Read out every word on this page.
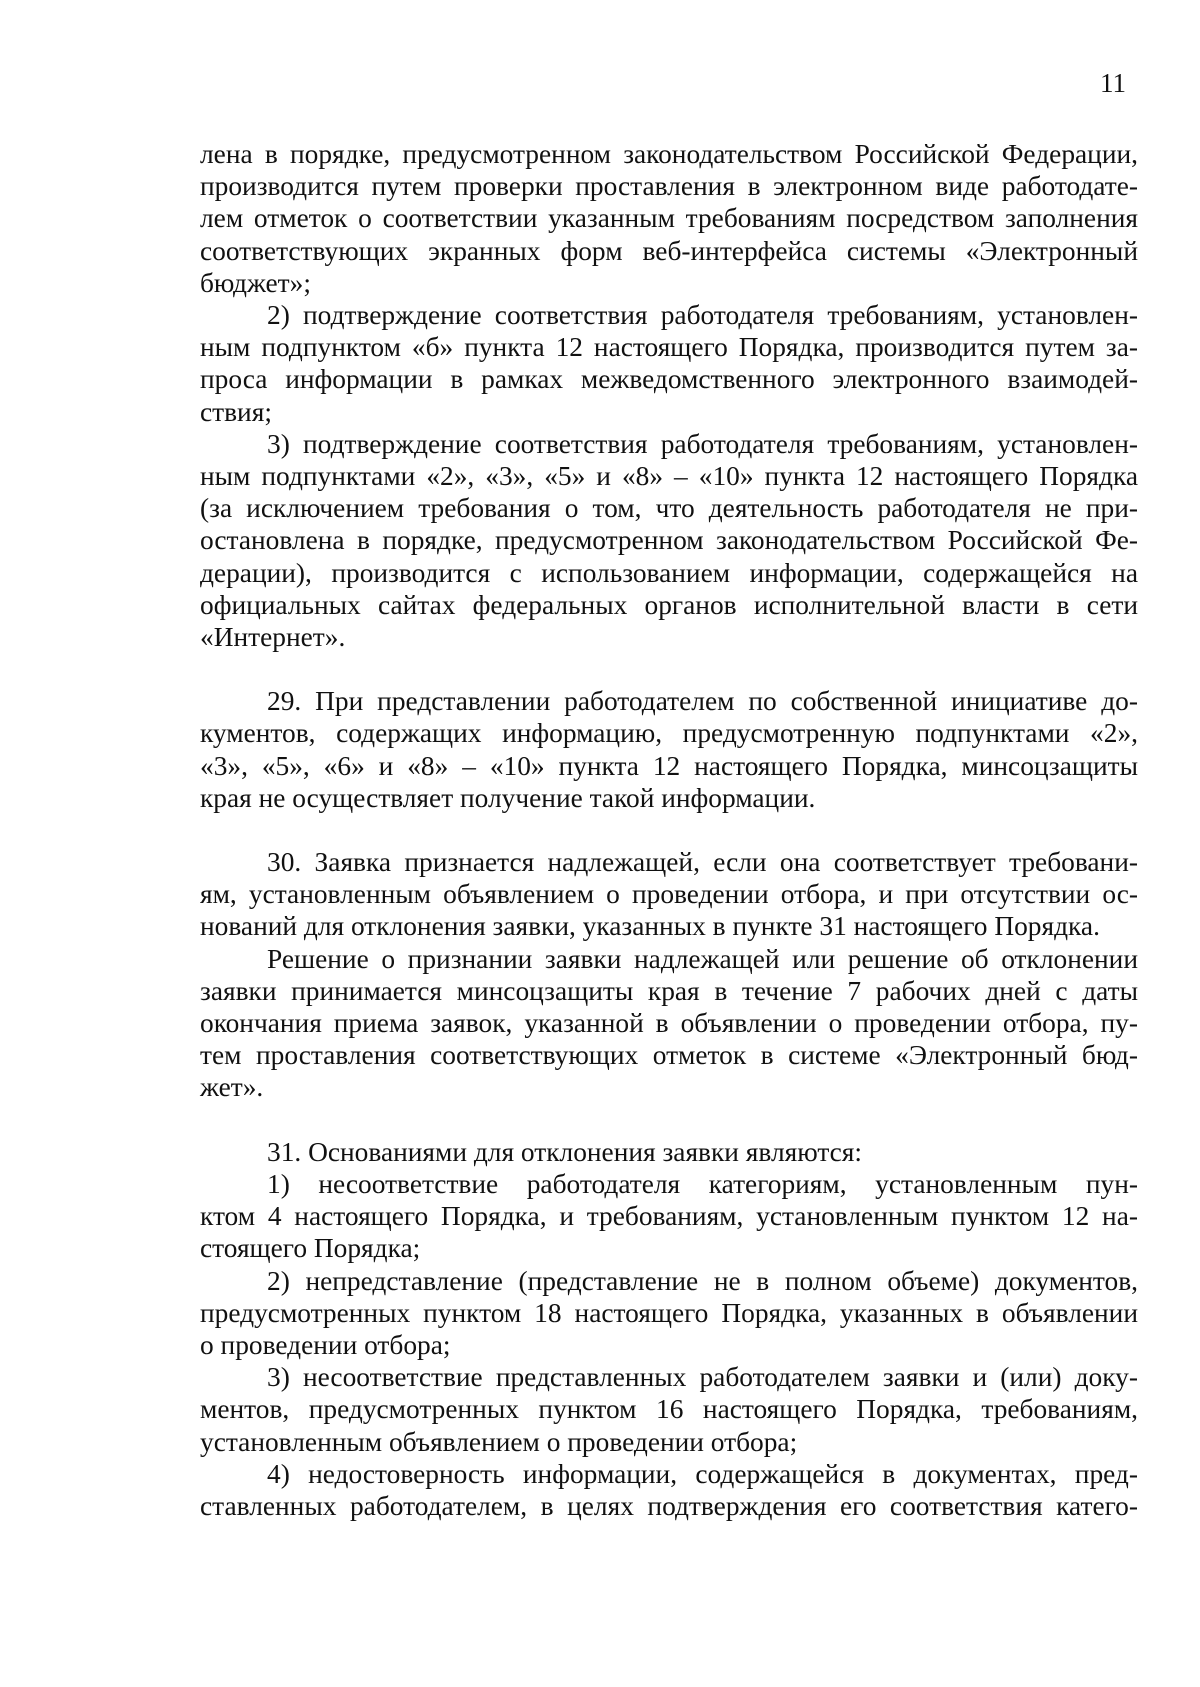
11

лена в порядке, предусмотренном законодательством Российской Федерации,
производится путем проверки проставления в электронном виде работодате-
лем отметок о соответствии указанным требованиям посредством заполнения
соответствующих экранных форм веб-интерфейса системы «Электронный
бюджет»;

2) подтверждение соответствия работодателя требованиям, установлен-
ным подпунктом «б» пункта 12 настоящего Порядка, производится путем за-
проса информации в рамках межведомственного электронного взаимодей-
ствия;

3) подтверждение соответствия работодателя требованиям, установлен-
ным подпунктами «2», «3», «5» и «8» – «10» пункта 12 настоящего Порядка
(за исключением требования о том, что деятельность работодателя не при-
остановлена в порядке, предусмотренном законодательством Российской Фе-
дерации), производится с использованием информации, содержащейся на
официальных сайтах федеральных органов исполнительной власти в сети
«Интернет».

29. При представлении работодателем по собственной инициативе до-
кументов, содержащих информацию, предусмотренную подпунктами «2»,
«3», «5», «6» и «8» – «10» пункта 12 настоящего Порядка, минсоцзащиты
края не осуществляет получение такой информации.

30. Заявка признается надлежащей, если она соответствует требовани-
ям, установленным объявлением о проведении отбора, и при отсутствии ос-
нований для отклонения заявки, указанных в пункте 31 настоящего Порядка.

Решение о признании заявки надлежащей или решение об отклонении
заявки принимается минсоцзащиты края в течение 7 рабочих дней с даты
окончания приема заявок, указанной в объявлении о проведении отбора, пу-
тем проставления соответствующих отметок в системе «Электронный бюд-
жет».

31. Основаниями для отклонения заявки являются:

1) несоответствие работодателя категориям, установленным пун-
ктом 4 настоящего Порядка, и требованиям, установленным пунктом 12 на-
стоящего Порядка;

2) непредставление (представление не в полном объеме) документов,
предусмотренных пунктом 18 настоящего Порядка, указанных в объявлении
о проведении отбора;

3) несоответствие представленных работодателем заявки и (или) доку-
ментов, предусмотренных пунктом 16 настоящего Порядка, требованиям,
установленным объявлением о проведении отбора;

4) недостоверность информации, содержащейся в документах, пред-
ставленных работодателем, в целях подтверждения его соответствия катего-
